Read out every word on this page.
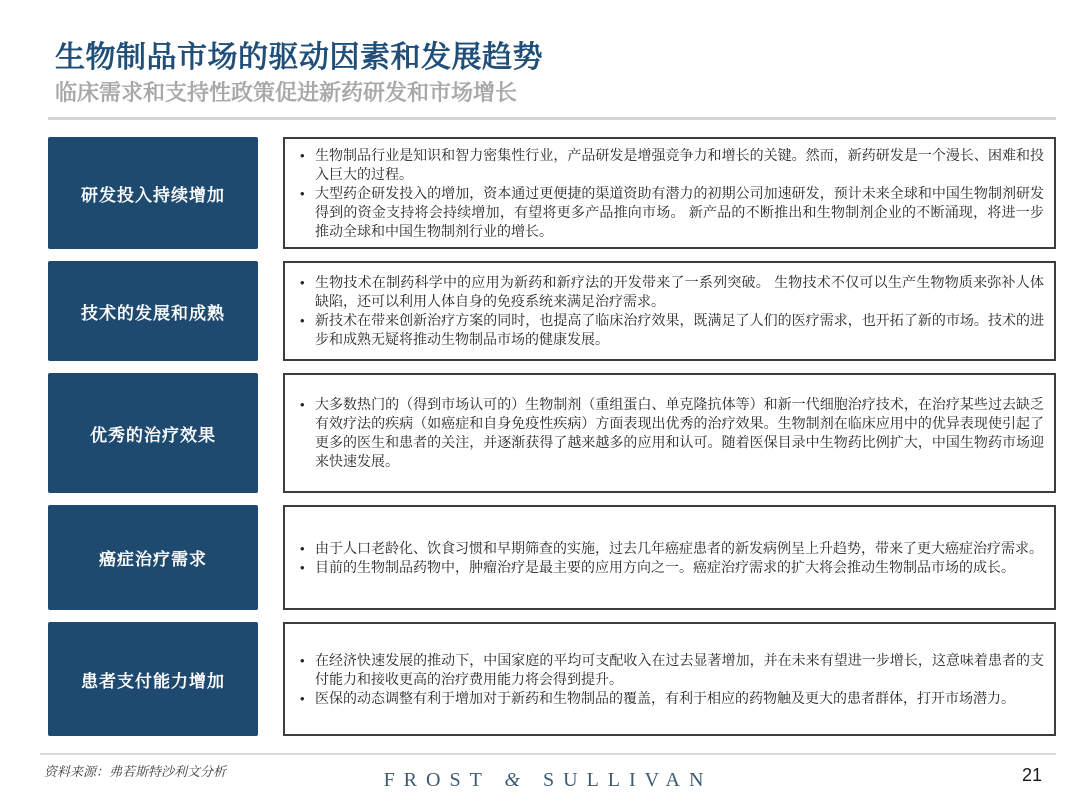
生物制品市场的驱动因素和发展趋势
临床需求和支持性政策促进新药研发和市场增长
研发投入持续增加
• 生物制品行业是知识和智力密集性行业，产品研发是增强竞争力和增长的关键。然而，新药研发是一个漫长、困难和投入巨大的过程。
• 大型药企研发投入的增加，资本通过更便捷的渠道资助有潜力的初期公司加速研发，预计未来全球和中国生物制剂研发得到的资金支持将会持续增加，有望将更多产品推向市场。 新产品的不断推出和生物制剂企业的不断涌现，将进一步推动全球和中国生物制剂行业的增长。
技术的发展和成熟
• 生物技术在制药科学中的应用为新药和新疗法的开发带来了一系列突破。 生物技术不仅可以生产生物物质来弥补人体缺陷，还可以利用人体自身的免疫系统来满足治疗需求。
• 新技术在带来创新治疗方案的同时，也提高了临床治疗效果，既满足了人们的医疗需求，也开拓了新的市场。技术的进步和成熟无疑将推动生物制品市场的健康发展。
优秀的治疗效果
• 大多数热门的（得到市场认可的）生物制剂（重组蛋白、单克隆抗体等）和新一代细胞治疗技术，在治疗某些过去缺乏有效疗法的疾病（如癌症和自身免疫性疾病）方面表现出优秀的治疗效果。生物制剂在临床应用中的优异表现使引起了更多的医生和患者的关注，并逐渐获得了越来越多的应用和认可。随着医保目录中生物药比例扩大，中国生物药市场迎来快速发展。
癌症治疗需求
• 由于人口老龄化、饮食习惯和早期筛查的实施，过去几年癌症患者的新发病例呈上升趋势，带来了更大癌症治疗需求。
• 目前的生物制品药物中，肿瘤治疗是最主要的应用方向之一。癌症治疗需求的扩大将会推动生物制品市场的成长。
患者支付能力增加
• 在经济快速发展的推动下，中国家庭的平均可支配收入在过去显著增加，并在未来有望进一步增长，这意味着患者的支付能力和接收更高的治疗费用能力将会得到提升。
• 医保的动态调整有利于增加对于新药和生物制品的覆盖，有利于相应的药物触及更大的患者群体，打开市场潜力。
资料来源：弗若斯特沙利文分析	FROST & SULLIVAN	21
